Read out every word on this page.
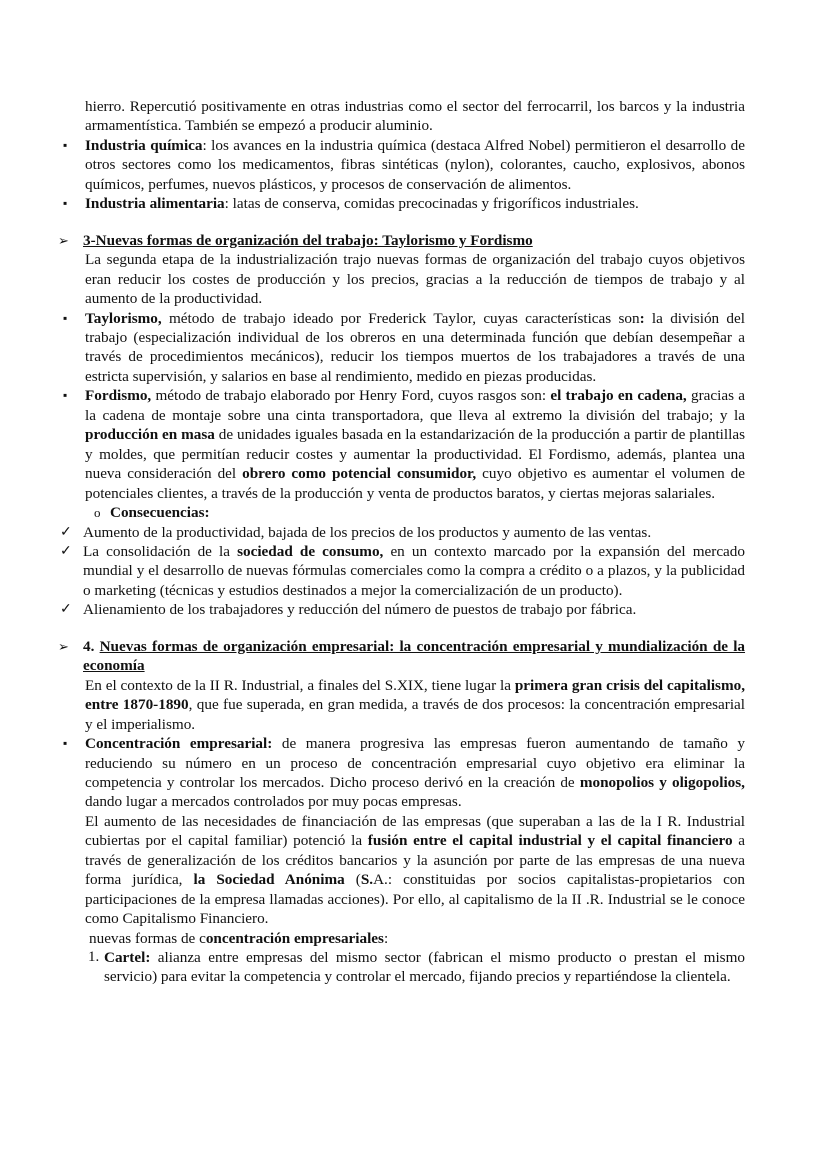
hierro. Repercutió positivamente en otras industrias como el sector del ferrocarril, los barcos y la industria armamentística. También se empezó a producir aluminio.
▪ Industria química: los avances en la industria química (destaca Alfred Nobel) permitieron el desarrollo de otros sectores como los medicamentos, fibras sintéticas (nylon), colorantes, caucho, explosivos, abonos químicos, perfumes, nuevos plásticos, y procesos de conservación de alimentos.
▪ Industria alimentaria: latas de conserva, comidas precocinadas y frigoríficos industriales.
➢ 3-Nuevas formas de organización del trabajo: Taylorismo y Fordismo
La segunda etapa de la industrialización trajo nuevas formas de organización del trabajo cuyos objetivos eran reducir los costes de producción y los precios, gracias a la reducción de tiempos de trabajo y al aumento de la productividad.
▪ Taylorismo, método de trabajo ideado por Frederick Taylor, cuyas características son: la división del trabajo (especialización individual de los obreros en una determinada función que debían desempeñar a través de procedimientos mecánicos), reducir los tiempos muertos de los trabajadores a través de una estricta supervisión, y salarios en base al rendimiento, medido en piezas producidas.
▪ Fordismo, método de trabajo elaborado por Henry Ford, cuyos rasgos son: el trabajo en cadena, gracias a la cadena de montaje sobre una cinta transportadora, que lleva al extremo la división del trabajo; y la producción en masa de unidades iguales basada en la estandarización de la producción a partir de plantillas y moldes, que permitían reducir costes y aumentar la productividad. El Fordismo, además, plantea una nueva consideración del obrero como potencial consumidor, cuyo objetivo es aumentar el volumen de potenciales clientes, a través de la producción y venta de productos baratos, y ciertas mejoras salariales.
o Consecuencias:
✓ Aumento de la productividad, bajada de los precios de los productos y aumento de las ventas.
✓ La consolidación de la sociedad de consumo, en un contexto marcado por la expansión del mercado mundial y el desarrollo de nuevas fórmulas comerciales como la compra a crédito o a plazos, y la publicidad o marketing (técnicas y estudios destinados a mejor la comercialización de un producto).
✓ Alienamiento de los trabajadores y reducción del número de puestos de trabajo por fábrica.
➢ 4. Nuevas formas de organización empresarial: la concentración empresarial y mundialización de la economía
En el contexto de la II R. Industrial, a finales del S.XIX, tiene lugar la primera gran crisis del capitalismo, entre 1870-1890, que fue superada, en gran medida, a través de dos procesos: la concentración empresarial y el imperialismo.
▪ Concentración empresarial: de manera progresiva las empresas fueron aumentando de tamaño y reduciendo su número en un proceso de concentración empresarial cuyo objetivo era eliminar la competencia y controlar los mercados. Dicho proceso derivó en la creación de monopolios y oligopolios, dando lugar a mercados controlados por muy pocas empresas.
El aumento de las necesidades de financiación de las empresas (que superaban a las de la I R. Industrial cubiertas por el capital familiar) potenció la fusión entre el capital industrial y el capital financiero a través de generalización de los créditos bancarios y la asunción por parte de las empresas de una nueva forma jurídica, la Sociedad Anónima (S.A.: constituidas por socios capitalistas-propietarios con participaciones de la empresa llamadas acciones). Por ello, al capitalismo de la II .R. Industrial se le conoce como Capitalismo Financiero.
nuevas formas de concentración empresariales:
1. Cartel: alianza entre empresas del mismo sector (fabrican el mismo producto o prestan el mismo servicio) para evitar la competencia y controlar el mercado, fijando precios y repartiéndose la clientela.
